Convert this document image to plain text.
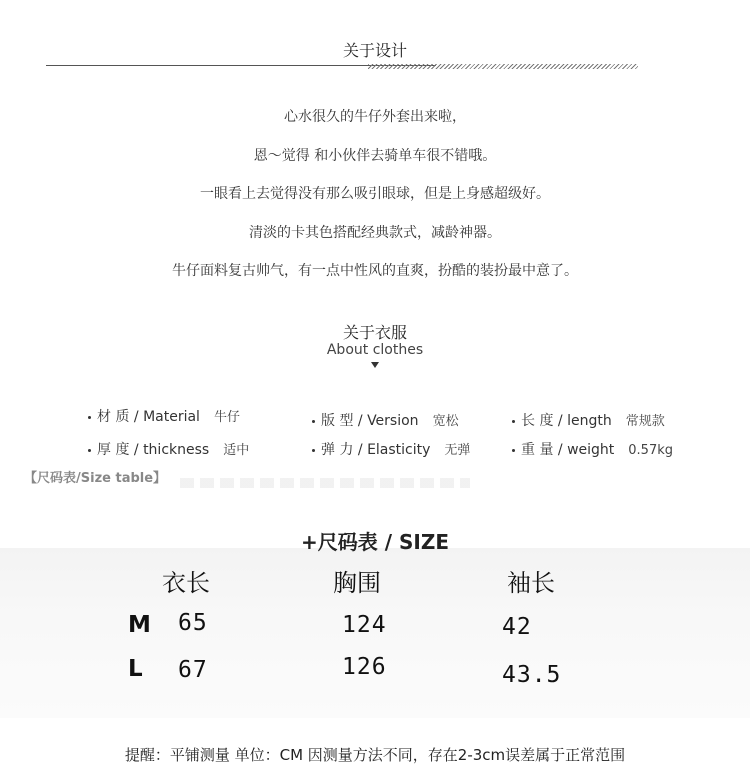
关于设计
心水很久的牛仔外套出来啦，
恩～觉得 和小伙伴去骑单车很不错哦。
一眼看上去觉得没有那么吸引眼球，但是上身感超级好。
清淡的卡其色搭配经典款式，减龄神器。
牛仔面料复古帅气，有一点中性风的直爽，扮酷的装扮最中意了。
关于衣服
About clothes
材 质 / Material 牛仔	版 型 / Version 宽松	长 度 / length 常规款
厚 度 / thickness 适中	弹 力 / Elasticity 无弹	重 量 / weight 0.57kg
【尺码表/Size table】
+尺码表 / SIZE
衣长	胸围	袖长
M 65	124	42
L 67	126	43.5
提醒：平铺测量 单位：CM 因测量方法不同，存在2-3cm误差属于正常范围
